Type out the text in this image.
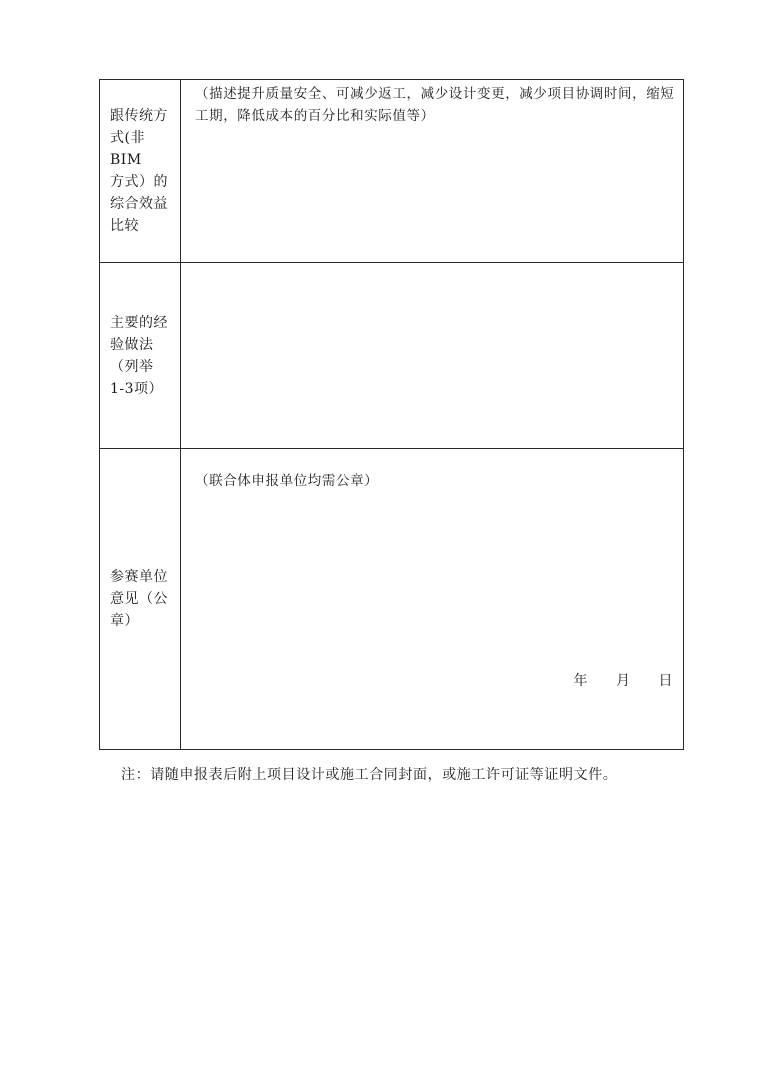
跟传统方
式(非BIM
方式）的
综合效益
比较	（描述提升质量安全、可减少返工，减少设计变更，减少项目协调时间，缩短工期，降低成本的百分比和实际值等）

主要的经
验做法
（列举
1-3项）	

参赛单位
意见（公
章）	（联合体申报单位均需公章）
年 月 日
注：请随申报表后附上项目设计或施工合同封面，或施工许可证等证明文件。
